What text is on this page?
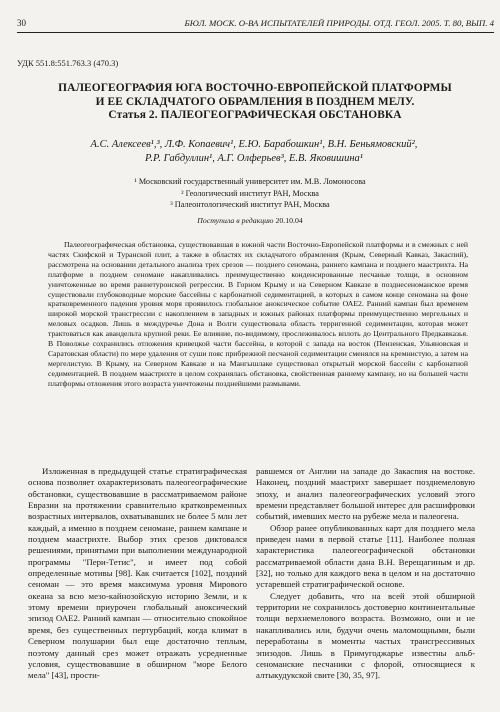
30	БЮЛ. МОСК. О-ВА ИСПЫТАТЕЛЕЙ ПРИРОДЫ. ОТД. ГЕОЛ. 2005. Т. 80, ВЫП. 4
УДК 551.8:551.763.3 (470.3)
ПАЛЕОГЕОГРАФИЯ ЮГА ВОСТОЧНО-ЕВРОПЕЙСКОЙ ПЛАТФОРМЫ
И ЕЕ СКЛАДЧАТОГО ОБРАМЛЕНИЯ В ПОЗДНЕМ МЕЛУ.
Статья 2. ПАЛЕОГЕОГРАФИЧЕСКАЯ ОБСТАНОВКА
А.С. Алексеев¹,³, Л.Ф. Копаевич¹, Е.Ю. Барабошкин¹, В.Н. Беньямовский²,
Р.Р. Габдуллин¹, А.Г. Олферьев³, Е.В. Яковишина¹
¹ Московский государственный университет им. М.В. Ломоносова
² Геологический институт РАН, Москва
³ Палеонтологический институт РАН, Москва
Поступила в редакцию 20.10.04
Палеогеографическая обстановка, существовавшая в южной части Восточно-Европейской платформы и в смежных с ней частях Скифской и Туранской плит, а также в областях их складчатого обрамления (Крым, Северный Кавказ, Закаспий), рассмотрена на основании детального анализа трех срезов — позднего сеномана, раннего кампана и позднего маастрихта. На платформе в позднем сеномане накапливались преимущественно конденсированные песчаные толщи, в основном уничтоженные во время раннетуронской регрессии. В Горном Крыму и на Северном Кавказе в позднесеноманское время существовали глубоководные морские бассейны с карбонатной седиментацией, в которых в самом конце сеномана на фоне кратковременного падения уровня моря проявилось глобальное аноксическое событие ОАЕ2. Ранний кампан был временем широкой морской трансгрессии с накоплением в западных и южных районах платформы преимущественно мергельных и меловых осадков. Лишь в междуречье Дона и Волги существовала область терригенной седиментации, которая может трактоваться как авандельта крупной реки. Ее влияние, по-видимому, прослеживалось вплоть до Центрального Предкавказья. В Поволжье сохранились отложения кривецкой части бассейна, в которой с запада на восток (Пензенская, Ульяновская и Саратовская области) по мере удаления от суши пояс прибрежной песчаной седиментации сменялся на кремнистую, а затем на мергелистую. В Крыму, на Северном Кавказе и на Мангышлаке существовал открытый морской бассейн с карбонатной седиментацией. В позднем маастрихте в целом сохранялась обстановка, свойственная раннему кампану, но на большей части платформы отложения этого возраста уничтожены позднейшими размывами.

Изложенная в предыдущей статье стратиграфическая основа позволяет охарактеризовать палеогеографические обстановки, существовавшие в рассматриваемом районе Евразии на протяжении сравнительно кратковременных возрастных интервалов, охватывавших не более 5 млн лет каждый, а именно в позднем сеномане, раннем кампане и позднем маастрихте. Выбор этих срезов диктовался решениями, принятыми при выполнении международной программы "Пери-Тетис", и имеет под собой определенные мотивы [98]. Как считается [102], поздний сеноман — это время максимума уровня Мирового океана за всю мезо-кайнозойскую историю Земли, и к этому времени приурочен глобальный аноксический эпизод ОАЕ2. Ранний кампан — относительно спокойное время, без существенных пертурбаций, когда климат в Северном полушарии был еще достаточно теплым, поэтому данный срез может отражать усредненные условия, существовавшие в обширном "море Белого мела" [43], прости-

равшемся от Англии на западе до Закаспия на востоке. Наконец, поздний маастрихт завершает позднемеловую эпоху, и анализ палеогеографических условий этого времени представляет большой интерес для расшифровки событий, имевших место на рубеже мела и палеогена.

Обзор ранее опубликованных карт для позднего мела приведен нами в первой статье [11]. Наиболее полная характеристика палеогеографической обстановки рассматриваемой области дана В.Н. Верещагиным и др. [32], но только для каждого века в целом и на достаточно устаревшей стратиграфической основе.

Следует добавить, что на всей этой обширной территории не сохранилось достоверно континентальные толщи верхнемелового возраста. Возможно, они и не накапливались или, будучи очень маломощными, были переработаны в моменты частых трансгрессивных эпизодов. Лишь в Примугоджарье известны альб-сеноманские песчаники с флорой, относящиеся к алтыкудукской свите [30, 35, 97].
